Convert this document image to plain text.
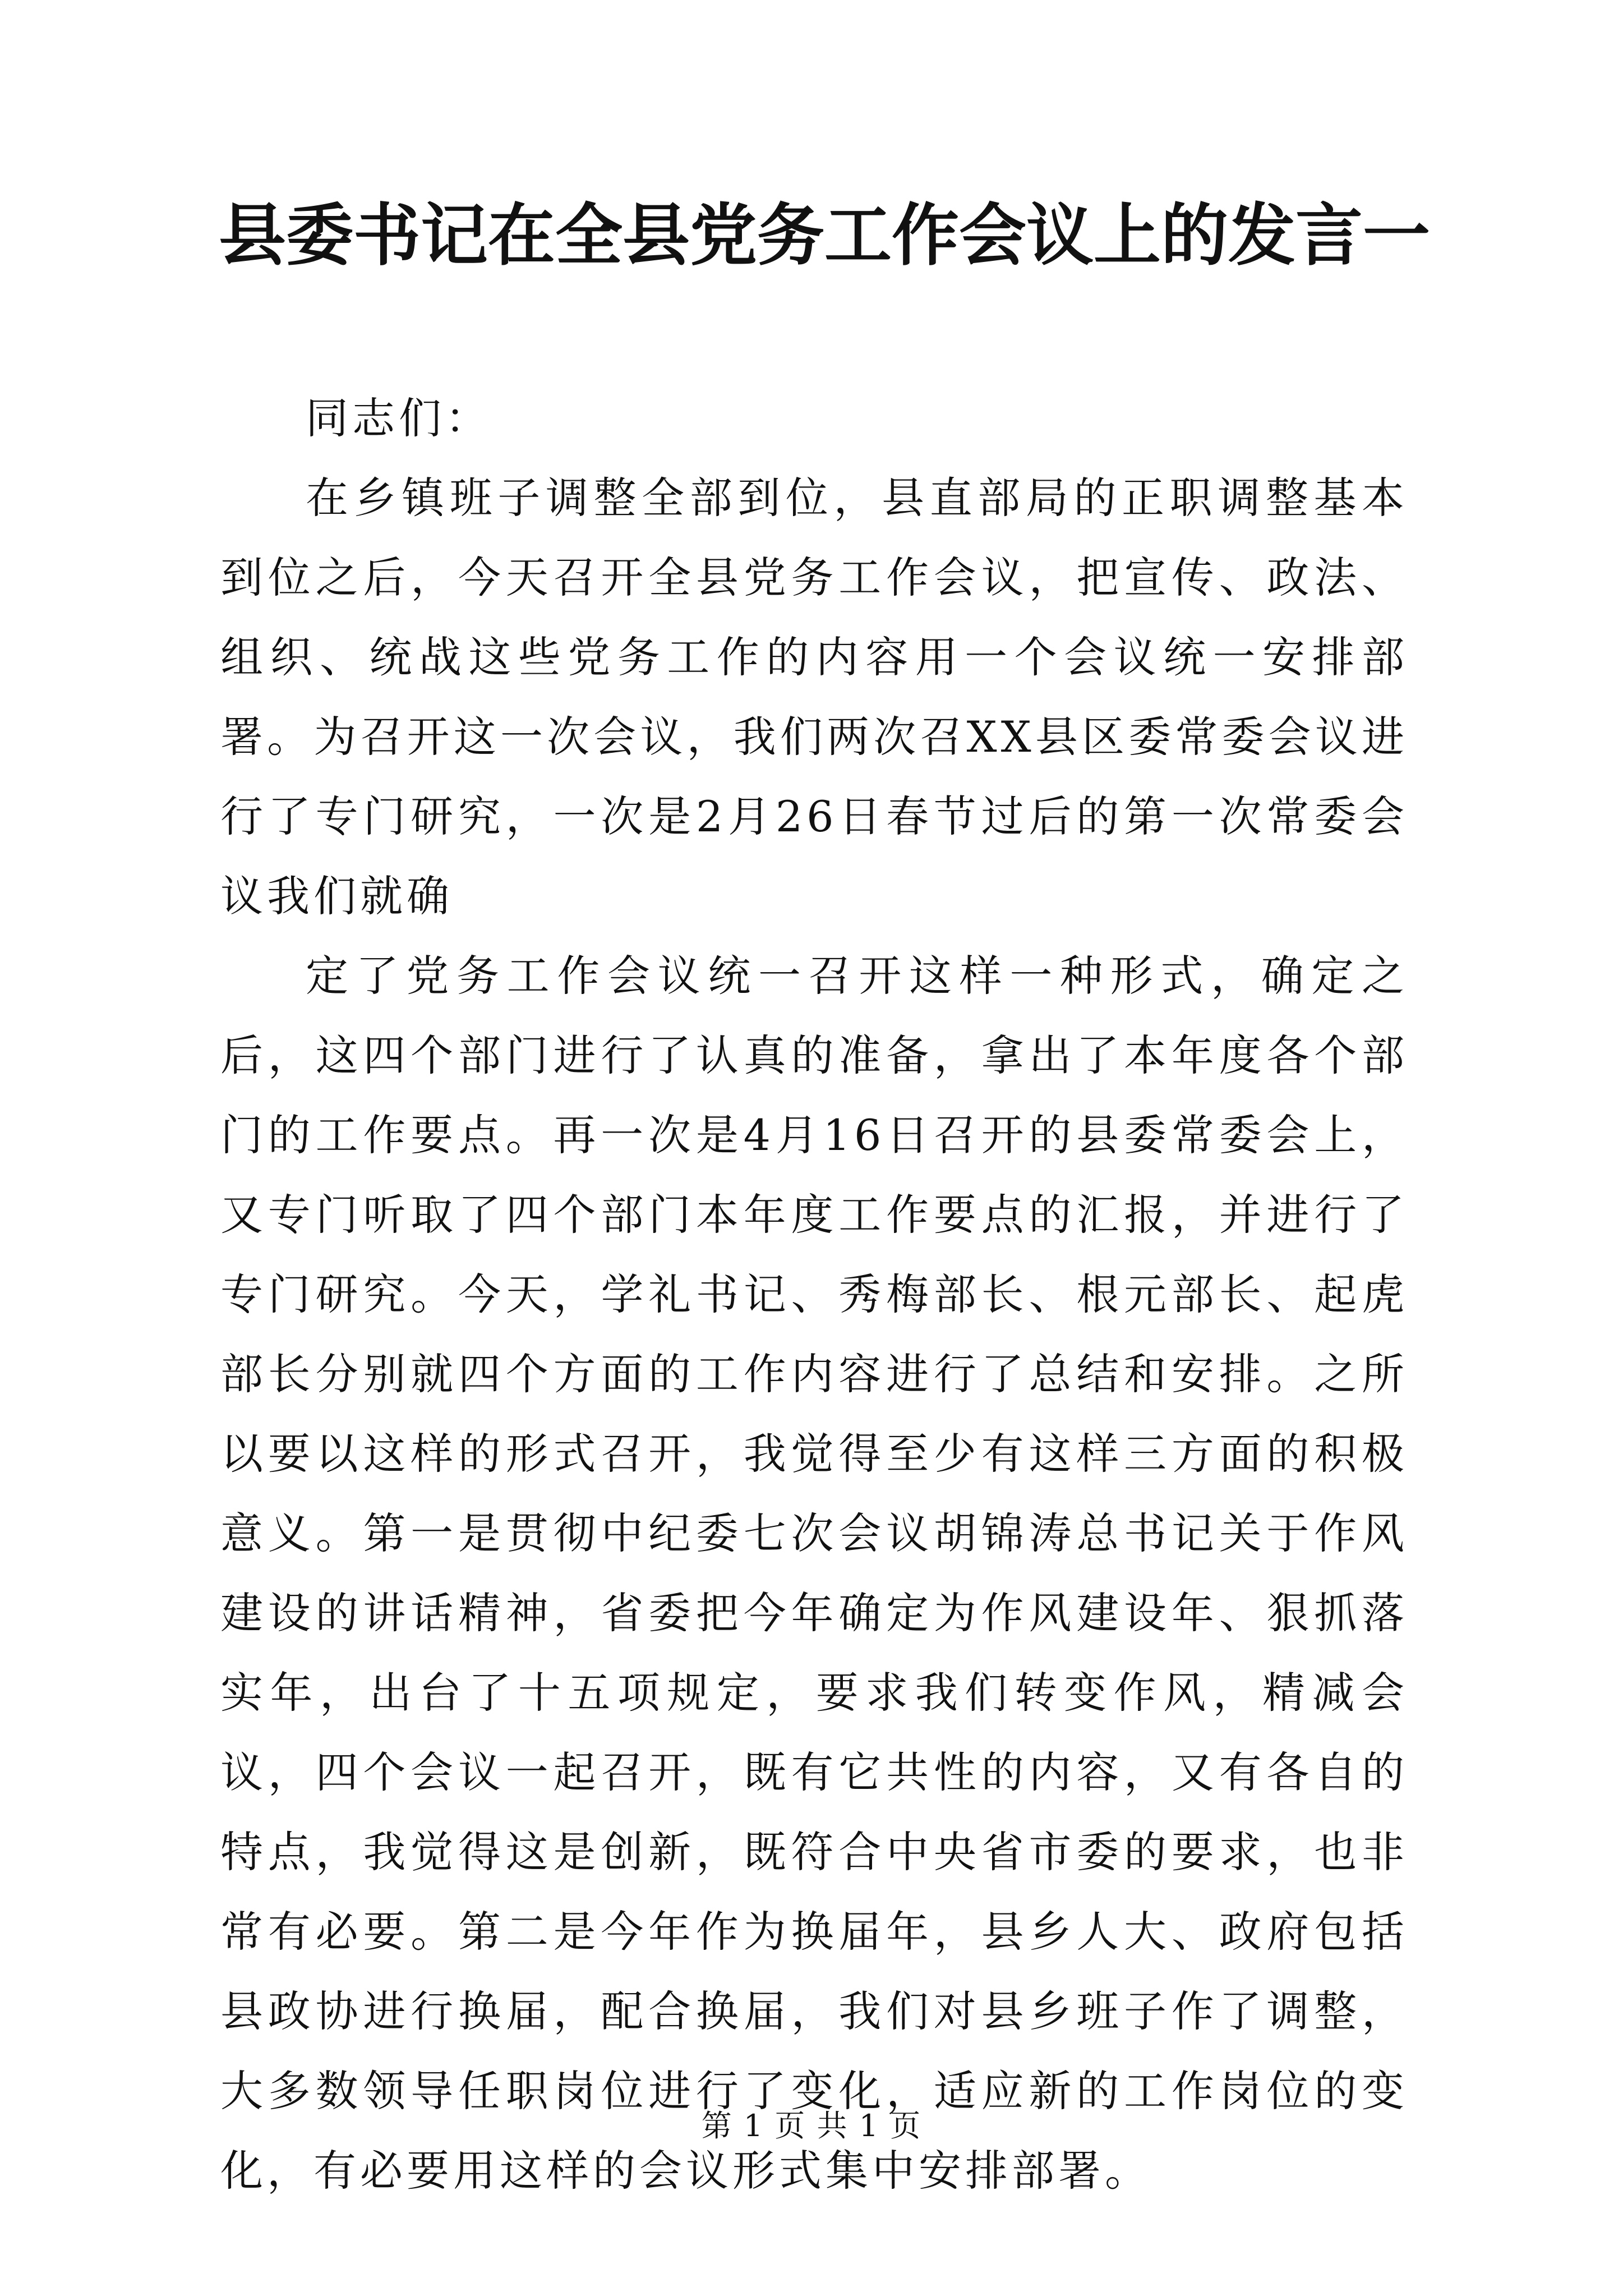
县委书记在全县党务工作会议上的发言一

同志们：

在乡镇班子调整全部到位，县直部局的正职调整基本到位之后，今天召开全县党务工作会议，把宣传、政法、组织、统战这些党务工作的内容用一个会议统一安排部署。为召开这一次会议，我们两次召XX县区委常委会议进行了专门研究，一次是2月26日春节过后的第一次常委会议我们就确

定了党务工作会议统一召开这样一种形式，确定之后，这四个部门进行了认真的准备，拿出了本年度各个部门的工作要点。再一次是4月16日召开的县委常委会上，又专门听取了四个部门本年度工作要点的汇报，并进行了专门研究。今天，学礼书记、秀梅部长、根元部长、起虎部长分别就四个方面的工作内容进行了总结和安排。之所以要以这样的形式召开，我觉得至少有这样三方面的积极意义。第一是贯彻中纪委七次会议胡锦涛总书记关于作风建设的讲话精神，省委把今年确定为作风建设年、狠抓落实年，出台了十五项规定，要求我们转变作风，精减会议，四个会议一起召开，既有它共性的内容，又有各自的特点，我觉得这是创新，既符合中央省市委的要求，也非常有必要。第二是今年作为换届年，县乡人大、政府包括县政协进行换届，配合换届，我们对县乡班子作了调整，大多数领导任职岗位进行了变化，适应新的工作岗位的变化，有必要用这样的会议形式集中安排部署。

第 1 页 共 1 页
